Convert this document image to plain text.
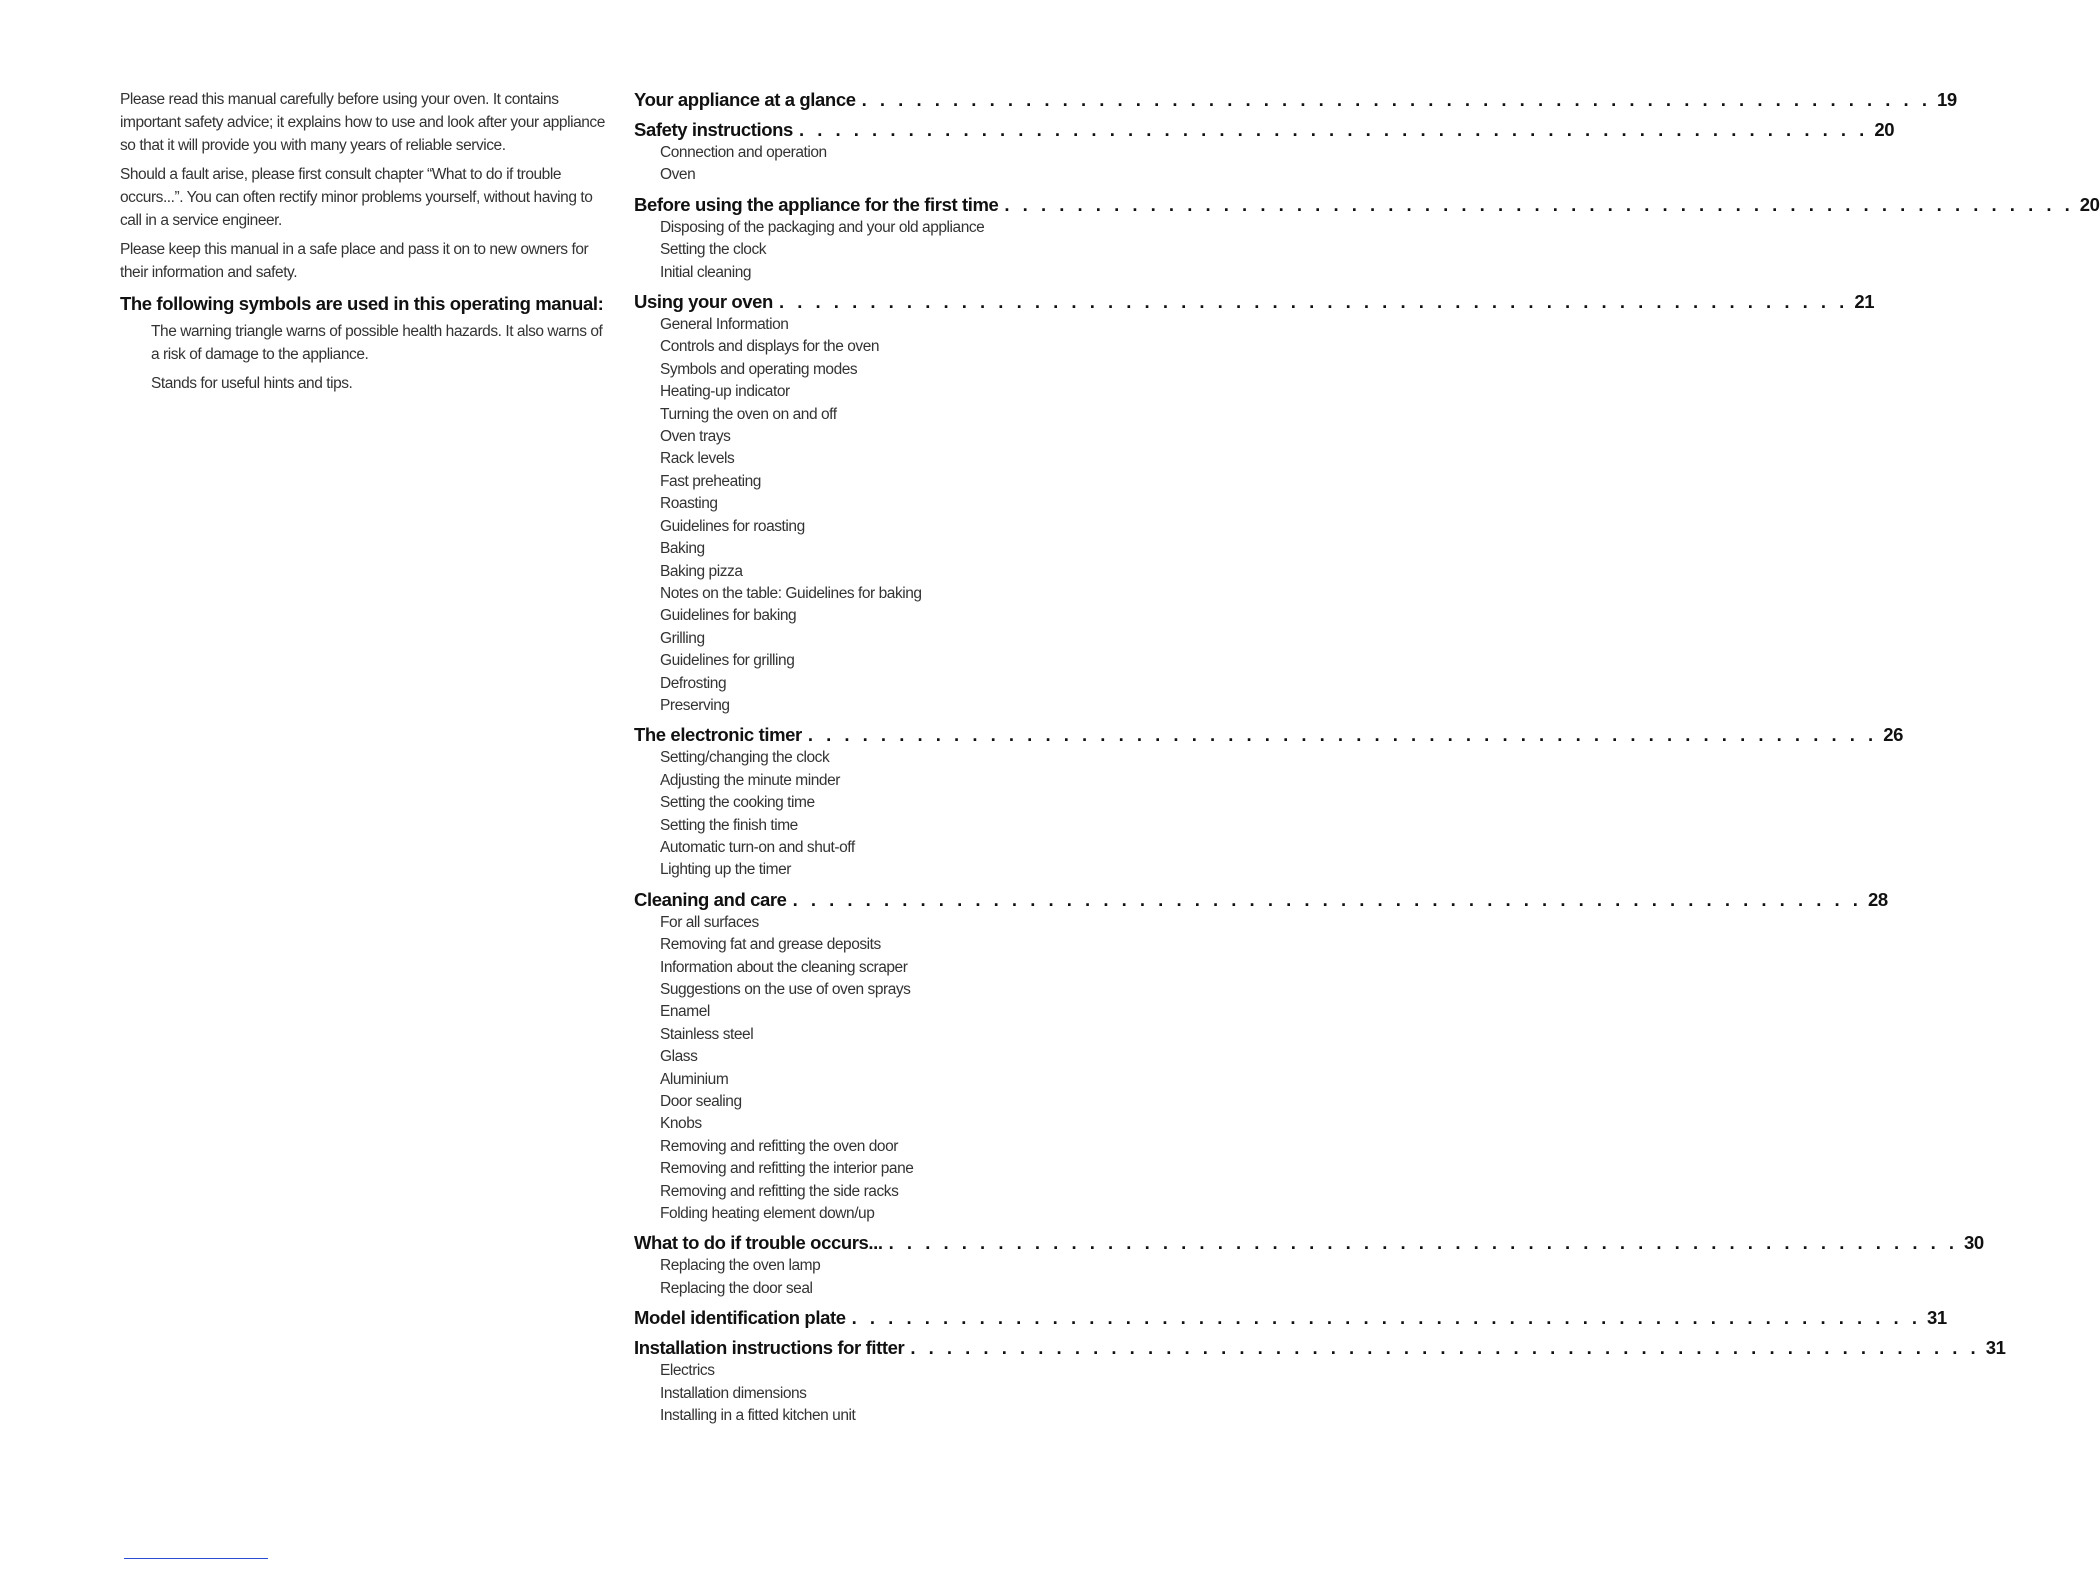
Please read this manual carefully before using your oven. It contains important safety advice; it explains how to use and look after your appliance so that it will provide you with many years of reliable service.

Should a fault arise, please first consult chapter “What to do if trouble occurs...”. You can often rectify minor problems yourself, without having to call in a service engineer.

Please keep this manual in a safe place and pass it on to new owners for their information and safety.

The following symbols are used in this operating manual:
The warning triangle warns of possible health hazards. It also warns of a risk of damage to the appliance.
Stands for useful hints and tips.
Your appliance at a glance . . . . . . . . . . . . . . . . . . . . . . . . . . . . . . . . . . . . . . . . . . . . . . . . . . . . . . . . . . . 19
Safety instructions . . . . . . . . . . . . . . . . . . . . . . . . . . . . . . . . . . . . . . . . . . . . . . . . . . . . . . . . . . . 20
Connection and operation
Oven
Before using the appliance for the first time . . . . . . . . . . . . . . . . . . . . . . . . . . . . . . . . . . . . . . . . . . . . . . . . . . . . . . . . . . . 20
Disposing of the packaging and your old appliance
Setting the clock
Initial cleaning
Using your oven . . . . . . . . . . . . . . . . . . . . . . . . . . . . . . . . . . . . . . . . . . . . . . . . . . . . . . . . . . . 21
General Information
Controls and displays for the oven
Symbols and operating modes
Heating-up indicator
Turning the oven on and off
Oven trays
Rack levels
Fast preheating
Roasting
Guidelines for roasting
Baking
Baking pizza
Notes on the table: Guidelines for baking
Guidelines for baking
Grilling
Guidelines for grilling
Defrosting
Preserving
The electronic timer . . . . . . . . . . . . . . . . . . . . . . . . . . . . . . . . . . . . . . . . . . . . . . . . . . . . . . . . . . . 26
Setting/changing the clock
Adjusting the minute minder
Setting the cooking time
Setting the finish time
Automatic turn-on and shut-off
Lighting up the timer
Cleaning and care . . . . . . . . . . . . . . . . . . . . . . . . . . . . . . . . . . . . . . . . . . . . . . . . . . . . . . . . . . . 28
For all surfaces
Removing fat and grease deposits
Information about the cleaning scraper
Suggestions on the use of oven sprays
Enamel
Stainless steel
Glass
Aluminium
Door sealing
Knobs
Removing and refitting the oven door
Removing and refitting the interior pane
Removing and refitting the side racks
Folding heating element down/up
What to do if trouble occurs... . . . . . . . . . . . . . . . . . . . . . . . . . . . . . . . . . . . . . . . . . . . . . . . . . . . . . . . . . . . 30
Replacing the oven lamp
Replacing the door seal
Model identification plate . . . . . . . . . . . . . . . . . . . . . . . . . . . . . . . . . . . . . . . . . . . . . . . . . . . . . . . . . . . 31
Installation instructions for fitter . . . . . . . . . . . . . . . . . . . . . . . . . . . . . . . . . . . . . . . . . . . . . . . . . . . . . . . . . . . 31
Electrics
Installation dimensions
Installing in a fitted kitchen unit
